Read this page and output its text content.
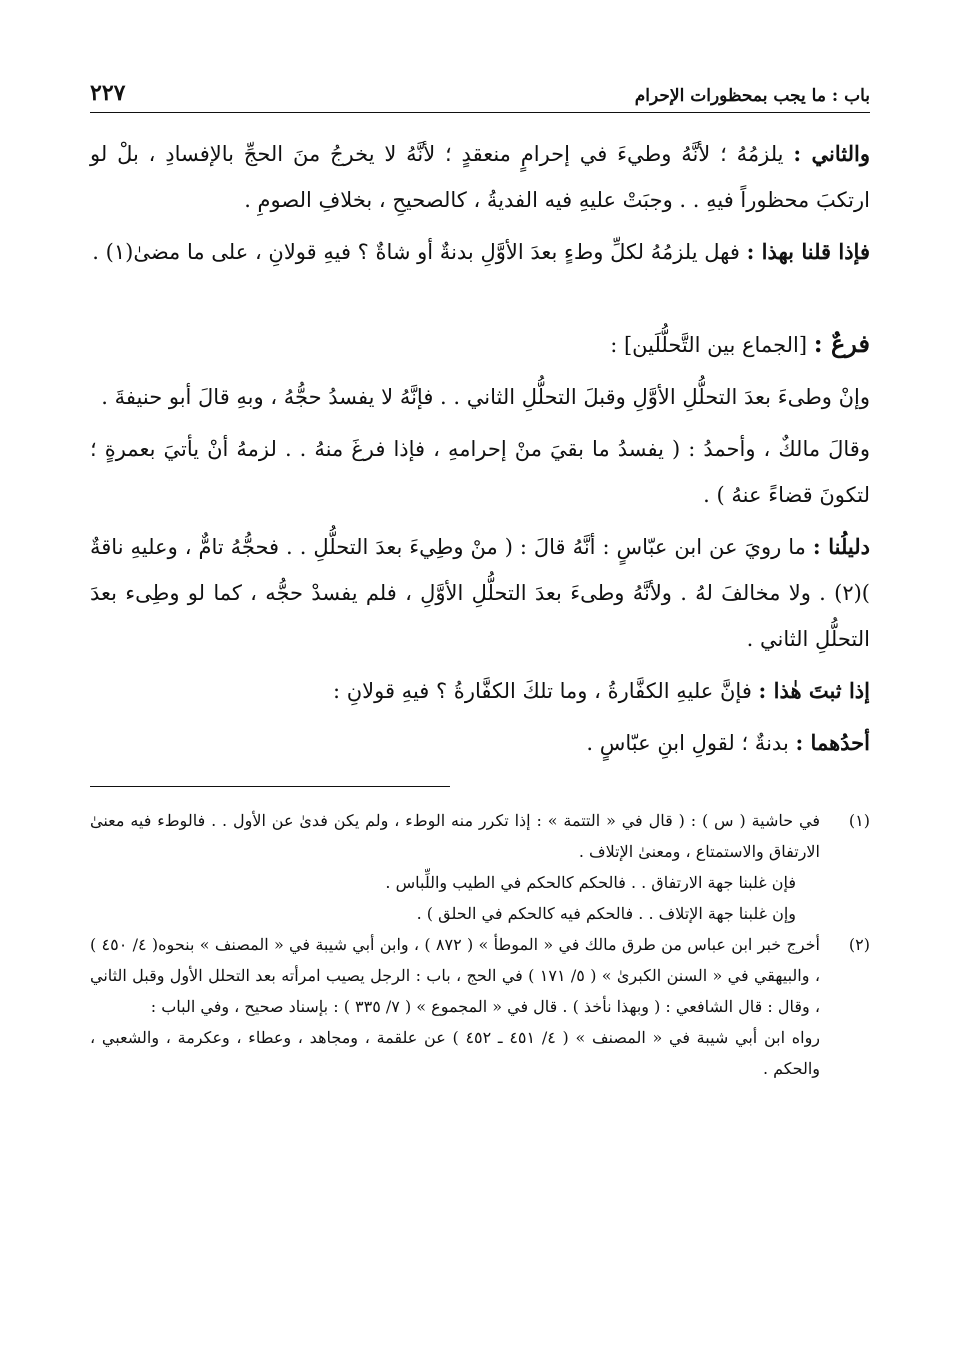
باب : ما يجب بمحظورات الإحرام
٢٢٧

والثاني : يلزمُهُ ؛ لأنَّهُ وطيءَ في إحرامٍ منعقدٍ ؛ لأنَّهُ لا يخرجُ منَ الحجِّ بالإفسادِ ، بلْ لو ارتكبَ محظوراً فيهِ . . وجبَتْ عليهِ فيه الفديةُ ، كالصحيحِ ، بخلافِ الصومِ .

فإذا قلنا بهذا : فهل يلزمُهُ لكلِّ وطءٍ بعدَ الأوَّلِ بدنةٌ أو شاةٌ ؟ فيهِ قولانِ ، على ما مضىٰ(١) .

فرعٌ : [الجماع بين التَّحلُّلَين] :

وإنْ وطىءَ بعدَ التحلُّلِ الأوَّلِ وقبلَ التحلُّلِ الثاني . . فإنَّهُ لا يفسدُ حجُّهُ ، وبهِ قالَ أبو حنيفةَ .

وقالَ مالكٌ ، وأحمدُ : ( يفسدُ ما بقيَ منْ إحرامهِ ، فإذا فرغَ منهُ . . لزمهُ أنْ يأتيَ بعمرةٍ ؛ لتكونَ قضاءً عنهُ ) .

دليلُنا : ما رويَ عن ابن عبّاسٍ : أنَّهُ قالَ : ( منْ وطِيءَ بعدَ التحلُّلِ . . فحجُّهُ تامٌّ ، وعليهِ ناقةٌ )(٢) . ولا مخالفَ لهُ . ولأنَّهُ وطىءَ بعدَ التحلُّلِ الأوَّلِ ، فلم يفسدْ حجُّه ، كما لو وطِىء بعدَ التحلُّلِ الثاني .

إذا ثبتَ هٰذا : فإنَّ عليهِ الكفَّارةُ ، وما تلكَ الكفَّارةُ ؟ فيهِ قولانِ :

أحدُهما : بدنةٌ ؛ لقولِ ابنِ عبّاسٍ .

(١)
في حاشية ( س ) : ( قال في « التتمة » : إذا تكرر منه الوطء ، ولم يكن فدىٰ عن الأول . . فالوطء فيه معنىٰ الارتفاق والاستمتاع ، ومعنىٰ الإتلاف .
فإن غلبنا جهة الارتفاق . . فالحكم كالحكم في الطيب واللِّباس .
وإن غلبنا جهة الإتلاف . . فالحكم فيه كالحكم في الحلق ) .
(٢)
أخرج خبر ابن عباس من طرق مالك في « الموطأ » ( ٨٧٢ ) ، وابن أبي شيبة في « المصنف » بنحوه( ٤/ ٤٥٠ ) ، والبيهقي في « السنن الكبرىٰ » ( ٥/ ١٧١ ) في الحج ، باب : الرجل يصيب امرأته بعد التحلل الأول وقبل الثاني ، وقال : قال الشافعي : ( وبهذا نأخذ ) . قال في « المجموع » ( ٧/ ٣٣٥ ) : بإسناد صحيح ، وفي الباب :
رواه ابن أبي شيبة في « المصنف » ( ٤/ ٤٥١ ـ ٤٥٢ ) عن علقمة ، ومجاهد ، وعطاء ، وعكرمة ، والشعبي ، والحكم .
